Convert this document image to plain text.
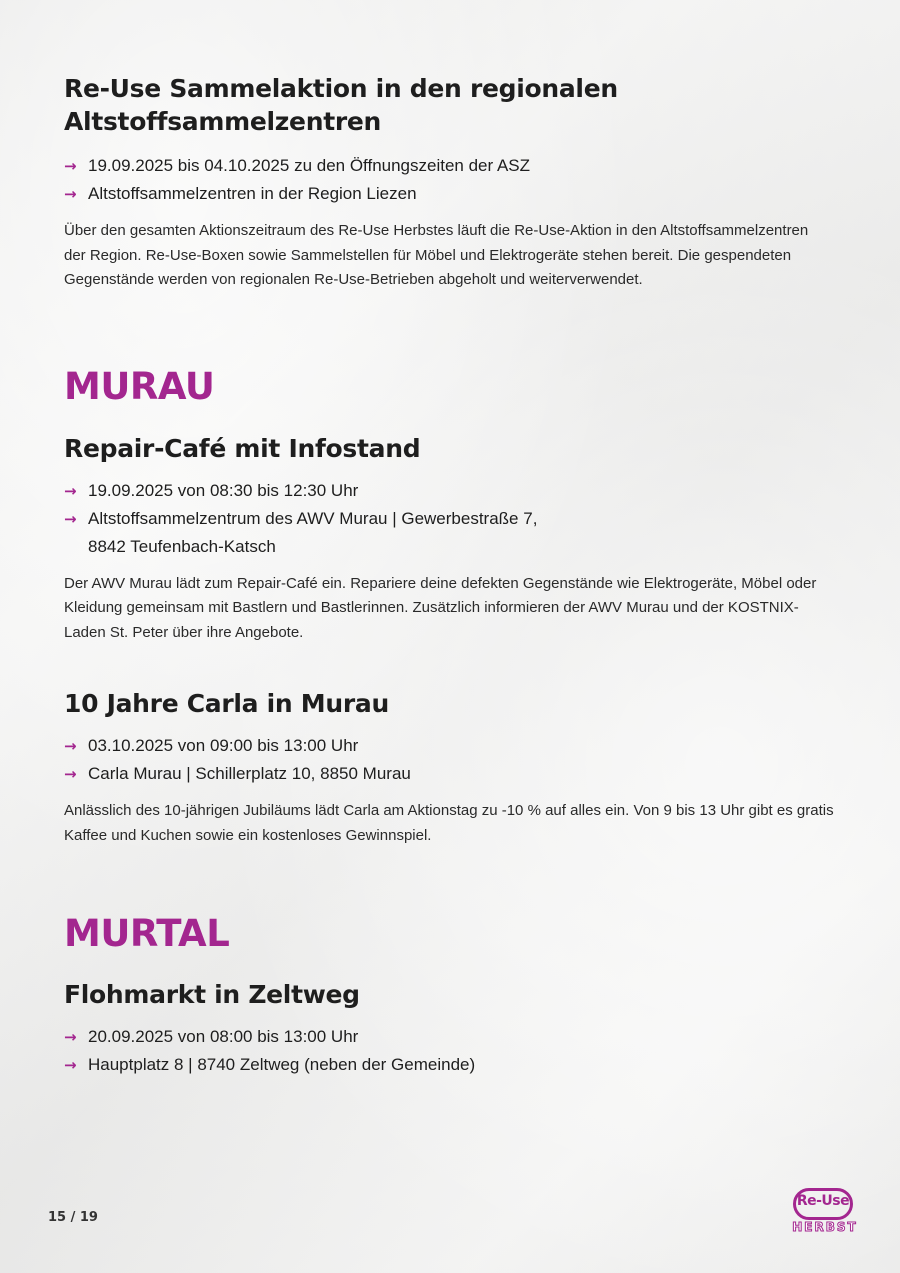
Re-Use Sammelaktion in den regionalen Altstoffsammelzentren
→ 19.09.2025 bis 04.10.2025 zu den Öffnungszeiten der ASZ
→ Altstoffsammelzentren in der Region Liezen

Über den gesamten Aktionszeitraum des Re-Use Herbstes läuft die Re-Use-Aktion in den Altstoffsammelzentren der Region. Re-Use-Boxen sowie Sammelstellen für Möbel und Elektrogeräte stehen bereit. Die gespendeten Gegenstände werden von regionalen Re-Use-Betrieben abgeholt und weiterverwendet.

MURAU
Repair-Café mit Infostand
→ 19.09.2025 von 08:30 bis 12:30 Uhr
→ Altstoffsammelzentrum des AWV Murau | Gewerbestraße 7,
8842 Teufenbach-Katsch

Der AWV Murau lädt zum Repair-Café ein. Repariere deine defekten Gegenstände wie Elektrogeräte, Möbel oder Kleidung gemeinsam mit Bastlern und Bastlerinnen. Zusätzlich informieren der AWV Murau und der KOSTNIX-Laden St. Peter über ihre Angebote.

10 Jahre Carla in Murau
→ 03.10.2025 von 09:00 bis 13:00 Uhr
→ Carla Murau | Schillerplatz 10, 8850 Murau

Anlässlich des 10-jährigen Jubiläums lädt Carla am Aktionstag zu -10 % auf alles ein. Von 9 bis 13 Uhr gibt es gratis Kaffee und Kuchen sowie ein kostenloses Gewinnspiel.

MURTAL
Flohmarkt in Zeltweg
→ 20.09.2025 von 08:00 bis 13:00 Uhr
→ Hauptplatz 8 | 8740 Zeltweg (neben der Gemeinde)
15 / 19
Re-Use
HERBST
